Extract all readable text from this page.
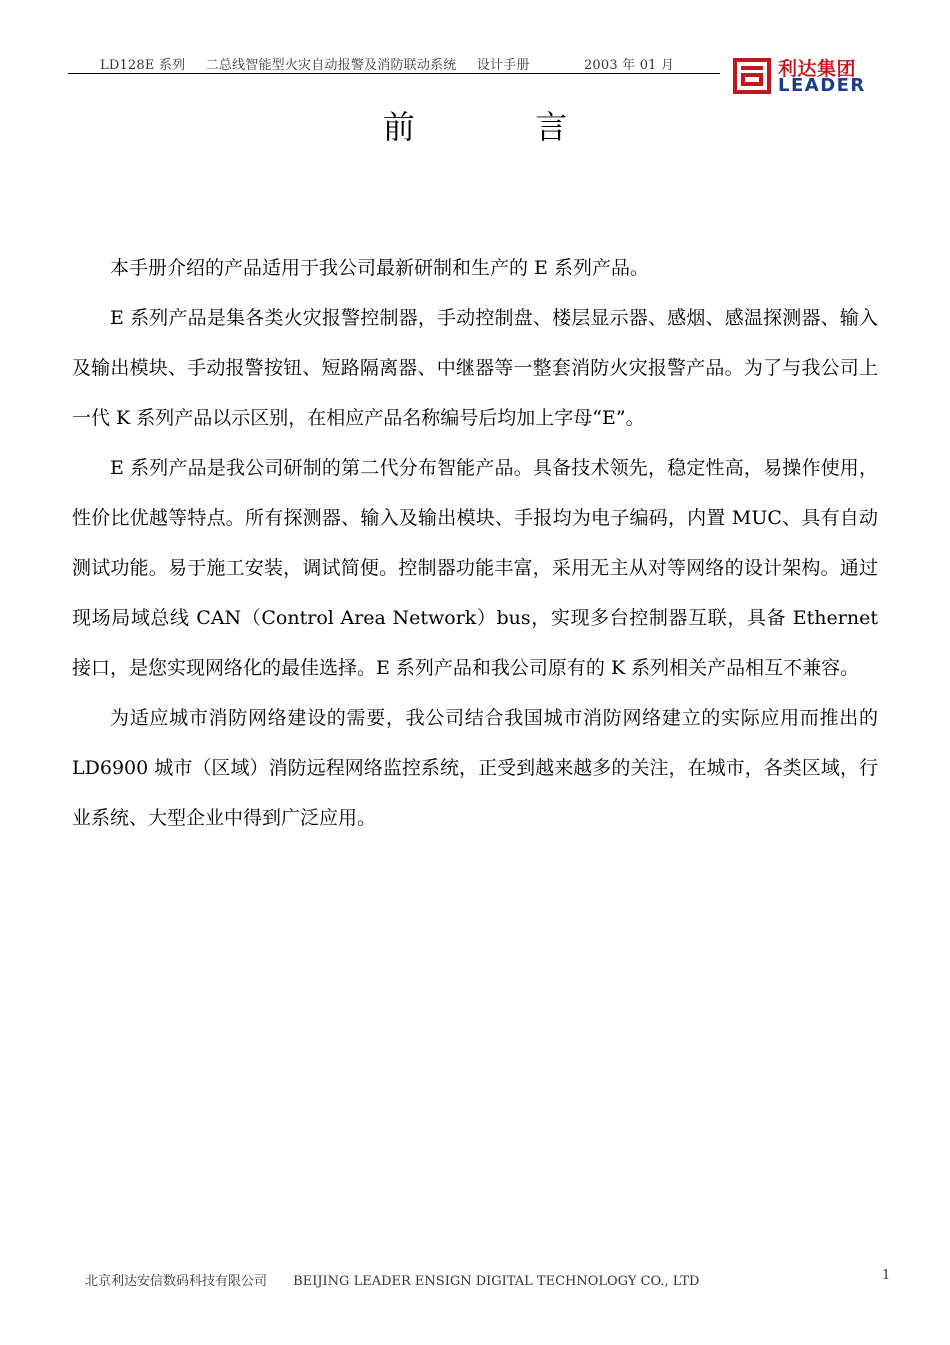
LD128E 系列 二总线智能型火灾自动报警及消防联动系统 设计手册	2003 年 01 月	利达集团
LEADER
前	言

本手册介绍的产品适用于我公司最新研制和生产的 E 系列产品。

E 系列产品是集各类火灾报警控制器，手动控制盘、楼层显示器、感烟、感温探测器、输入及输出模块、手动报警按钮、短路隔离器、中继器等一整套消防火灾报警产品。为了与我公司上一代 K 系列产品以示区别，在相应产品名称编号后均加上字母“E”。

E 系列产品是我公司研制的第二代分布智能产品。具备技术领先，稳定性高，易操作使用，性价比优越等特点。所有探测器、输入及输出模块、手报均为电子编码，内置 MUC、具有自动测试功能。易于施工安装，调试简便。控制器功能丰富，采用无主从对等网络的设计架构。通过现场局域总线 CAN（Control Area Network）bus，实现多台控制器互联，具备 Ethernet 接口，是您实现网络化的最佳选择。E 系列产品和我公司原有的 K 系列相关产品相互不兼容。

为适应城市消防网络建设的需要，我公司结合我国城市消防网络建立的实际应用而推出的 LD6900 城市（区域）消防远程网络监控系统，正受到越来越多的关注，在城市，各类区域，行业系统、大型企业中得到广泛应用。

北京利达安信数码科技有限公司 BEIJING LEADER ENSIGN DIGITAL TECHNOLOGY CO., LTD	1
